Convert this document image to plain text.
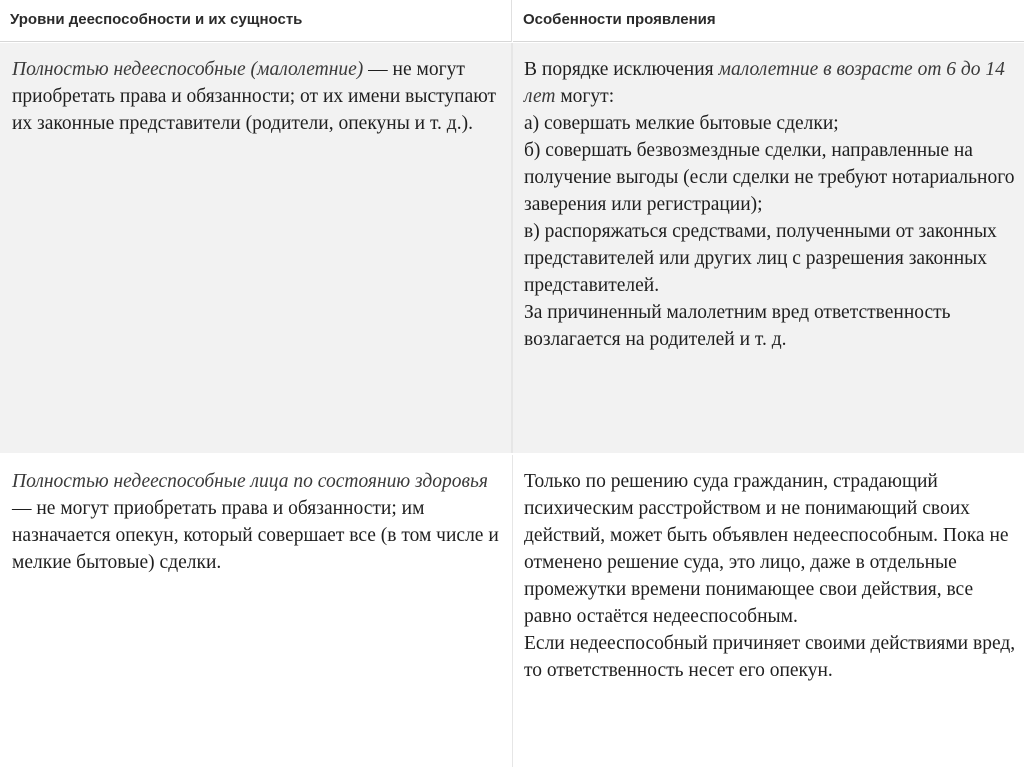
Уровни дееспособности и их сущность	Особенности проявления
Полностью недееспособные (малолетние) — не могут приобретать права и обязанности; от их имени выступают их законные представители (родители, опекуны и т. д.).

В порядке исключения малолетние в возрасте от 6 до 14 лет могут:

а) совершать мелкие бытовые сделки;

б) совершать безвозмездные сделки, направленные на получение выгоды (если сделки не требуют нотариального заверения или регистрации);

в) распоряжаться средствами, полученными от законных представителей или других лиц с разрешения законных представителей.

За причиненный малолетним вред ответственность возлагается на родителей и т. д.

Полностью недееспособные лица по состоянию здоровья — не могут приобретать права и обязанности; им назначается опекун, который совершает все (в том числе и мелкие бытовые) сделки.

Только по решению суда гражданин, страдающий психическим расстройством и не понимающий своих действий, может быть объявлен недееспособным. Пока не отменено решение суда, это лицо, даже в отдельные промежутки времени понимающее свои действия, все равно остаётся недееспособным.

Если недееспособный причиняет своими действиями вред, то ответственность несет его опекун.
